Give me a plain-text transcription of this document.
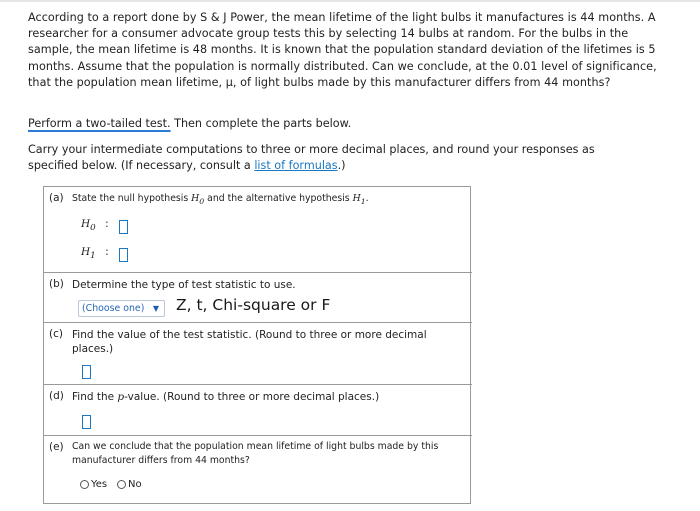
According to a report done by S & J Power, the mean lifetime of the light bulbs it manufactures is 44 months. A researcher for a consumer advocate group tests this by selecting 14 bulbs at random. For the bulbs in the sample, the mean lifetime is 48 months. It is known that the population standard deviation of the lifetimes is 5 months. Assume that the population is normally distributed. Can we conclude, at the 0.01 level of significance, that the population mean lifetime, μ, of light bulbs made by this manufacturer differs from 44 months?
Perform a two-tailed test. Then complete the parts below.
Carry your intermediate computations to three or more decimal places, and round your responses as specified below. (If necessary, consult a list of formulas.)
(a) State the null hypothesis $H_0$ and the alternative hypothesis $H_1$.
$H_0$ :
$H_1$ :
(b) Determine the type of test statistic to use.
(Choose one) ▼ Z, t, Chi-square or F
(c) Find the value of the test statistic. (Round to three or more decimal places.)
(d) Find the p-value. (Round to three or more decimal places.)
(e) Can we conclude that the population mean lifetime of light bulbs made by this manufacturer differs from 44 months?
Yes No
